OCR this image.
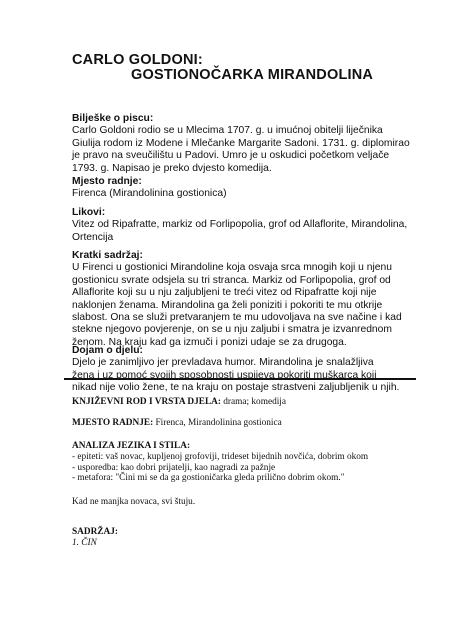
CARLO GOLDONI:
GOSTIONOČARKA MIRANDOLINA
Bilješke o piscu:
Carlo Goldoni rodio se u Mlecima 1707. g. u imućnoj obitelji liječnika
Giulija rodom iz Modene i Mlečanke Margarite Sadoni. 1731. g. diplomirao
je pravo na sveučilištu u Padovi. Umro je u oskudici početkom veljače
1793. g. Napisao je preko dvjesto komedija.
Mjesto radnje:
Firenca (Mirandolinina gostionica)
Likovi:
Vitez od Ripafratte, markiz od Forlipopolia, grof od Allaflorite, Mirandolina,
Ortencija
Kratki sadržaj:
U Firenci u gostionici Mirandoline koja osvaja srca mnogih koji u njenu
gostionicu svrate odsjela su tri stranca. Markiz od Forlipopolia, grof od
Allaflorite koji su u nju zaljubljeni te treći vitez od Ripafratte koji nije
naklonjen ženama. Mirandolina ga želi poniziti i pokoriti te mu otkrije
slabost. Ona se služi pretvaranjem te mu udovoljava na sve načine i kad
stekne njegovo povjerenje, on se u nju zaljubi i smatra je izvanrednom
ženom. Na kraju kad ga izmuči i ponizi udaje se za drugoga.
Dojam o djelu:
Djelo je zanimljivo jer prevladava humor. Mirandolina je snalažljiva
žena i uz pomoć svojih sposobnosti uspijeva pokoriti muškarca koji
nikad nije volio žene, te na kraju on postaje strastveni zaljubljenik u njih.
KNJIŽEVNI ROD I VRSTA DJELA: drama; komedija
MJESTO RADNJE: Firenca, Mirandolinina gostionica
ANALIZA JEZIKA I STILA:
- epiteti: vaš novac, kupljenoj grofoviji, trideset bijednih novčića, dobrim okom
- usporedba: kao dobri prijatelji, kao nagradi za pažnje
- metafora: "Čini mi se da ga gostioničarka gleda prilično dobrim okom."
Kad ne manjka novaca, svi štuju.
SADRŽAJ:
1. ČIN
